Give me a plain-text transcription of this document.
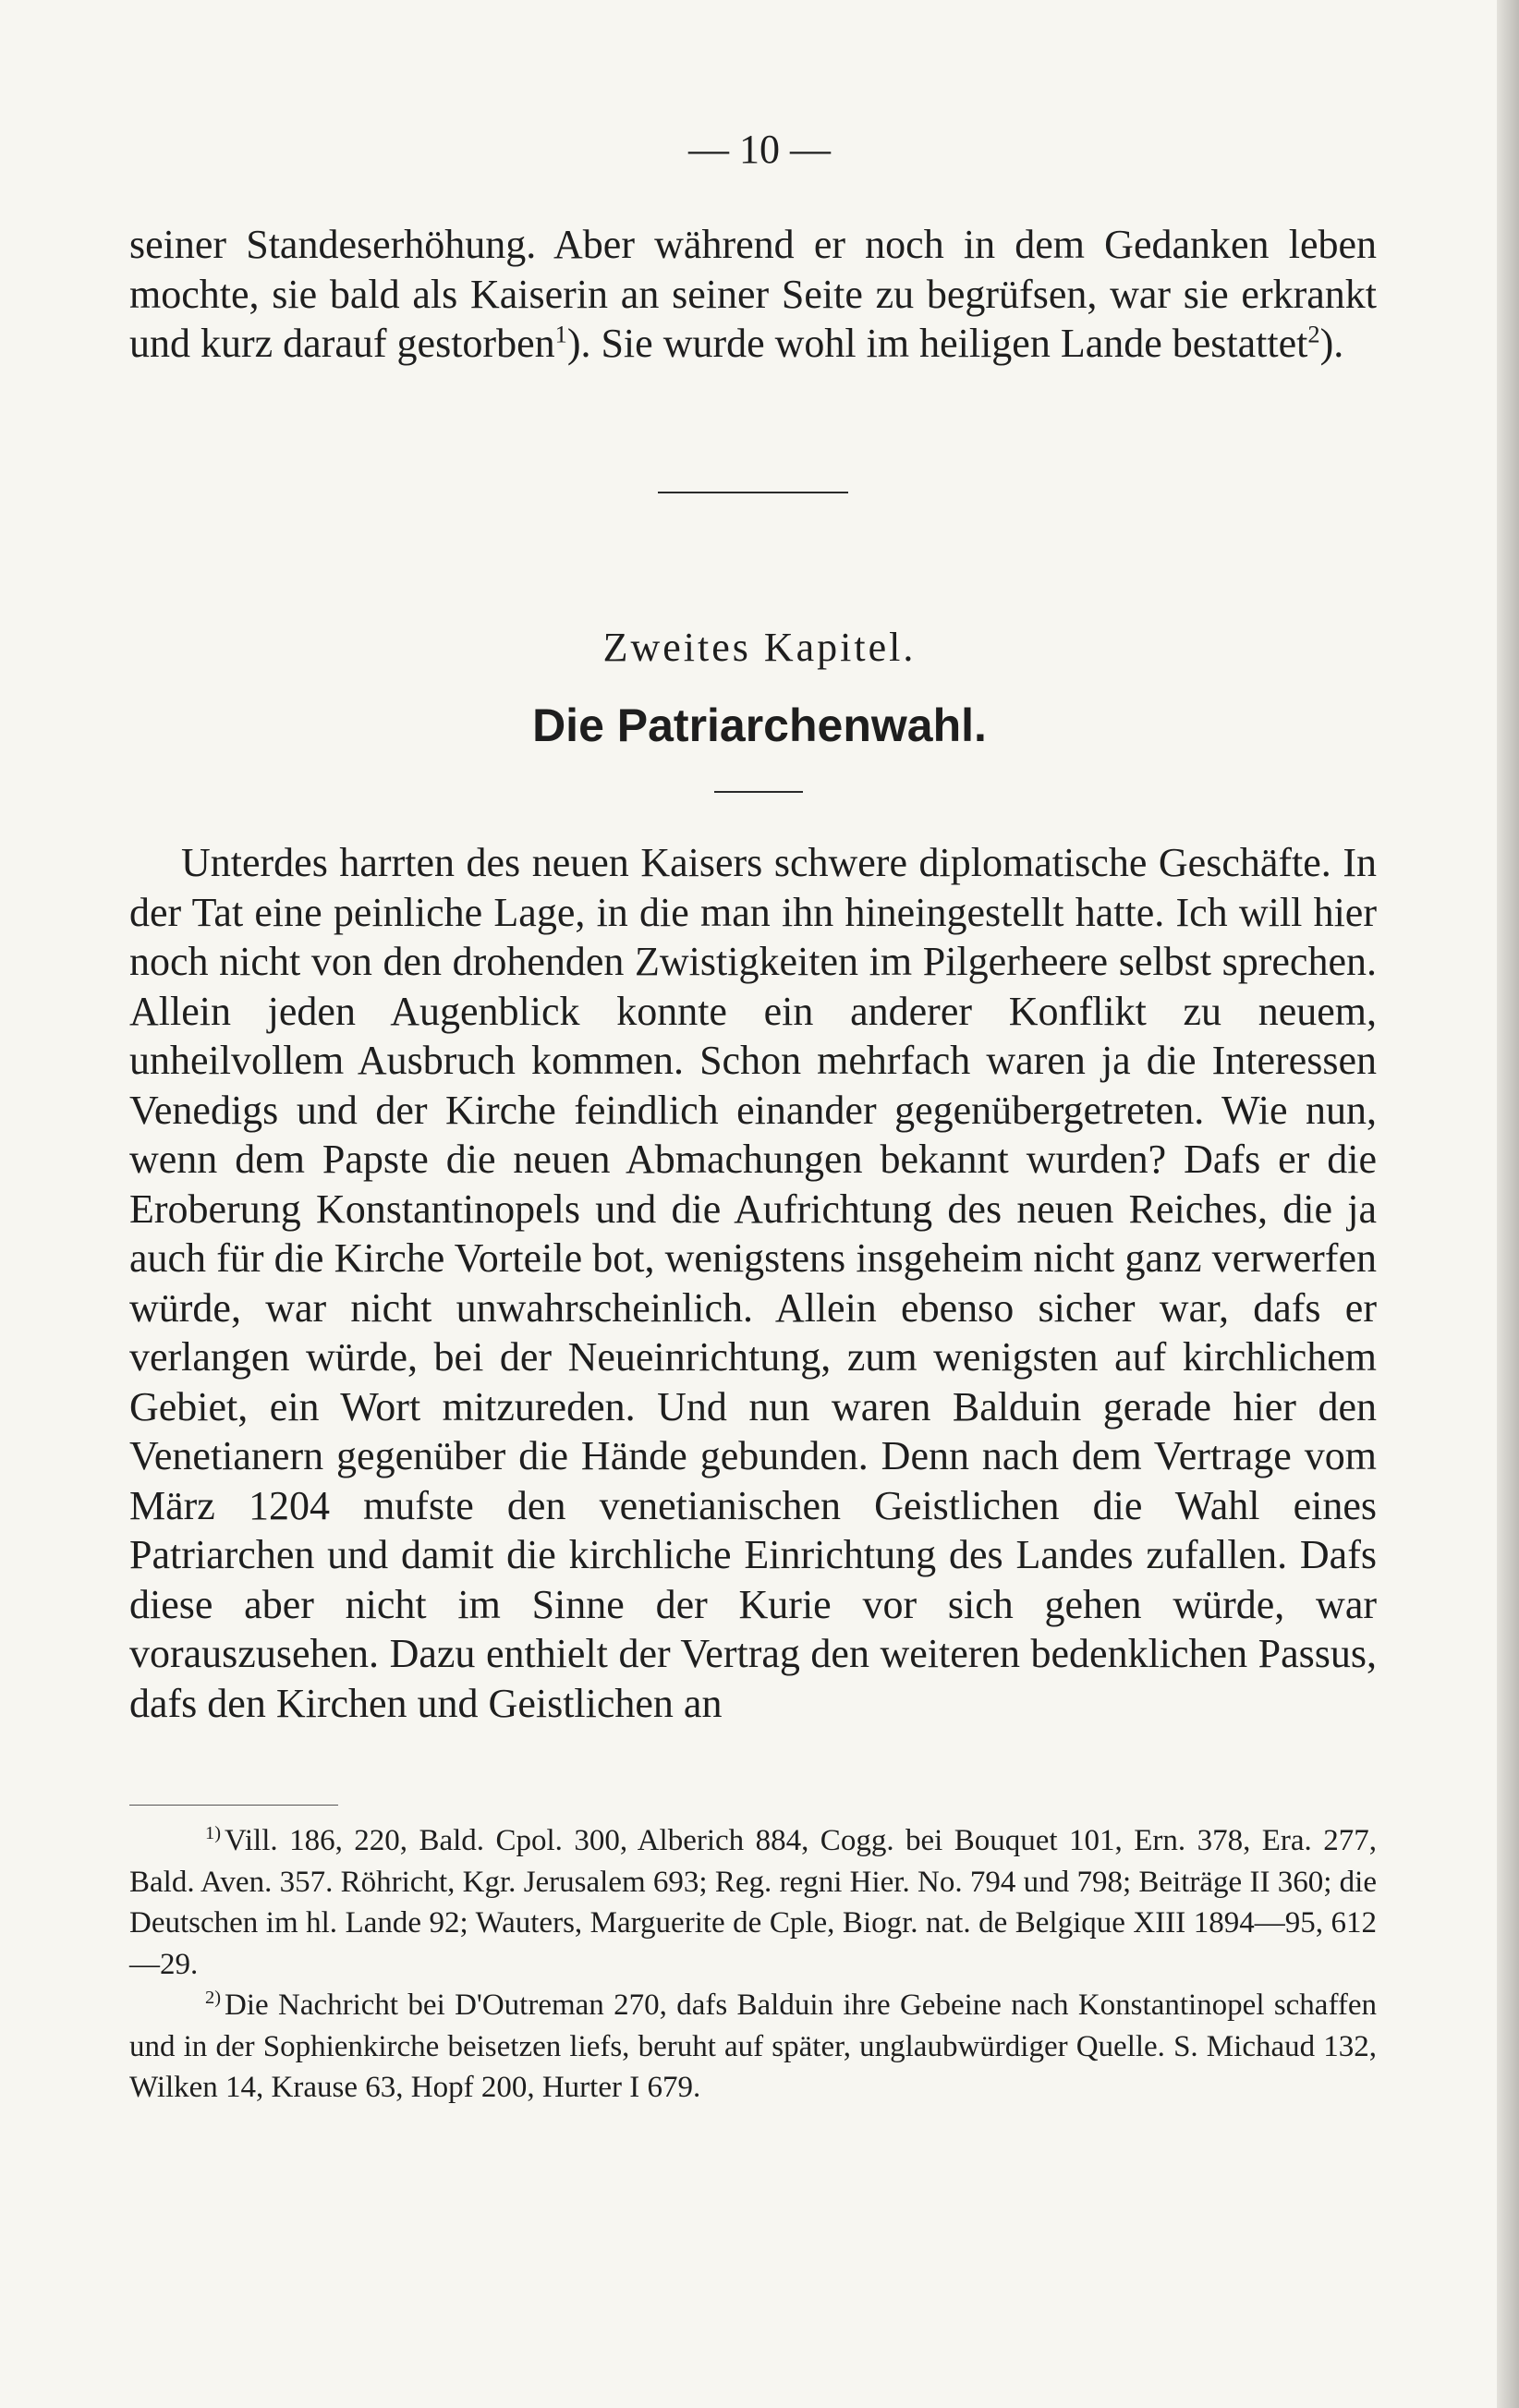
— 10 —

seiner Standeserhöhung. Aber während er noch in dem Gedanken leben mochte, sie bald als Kaiserin an seiner Seite zu begrüfsen, war sie erkrankt und kurz darauf gestorben$^1$). Sie wurde wohl im heiligen Lande bestattet$^2$).

Zweites Kapitel.
Die Patriarchenwahl.

Unterdes harrten des neuen Kaisers schwere diplomatische Geschäfte. In der Tat eine peinliche Lage, in die man ihn hineingestellt hatte. Ich will hier noch nicht von den drohenden Zwistigkeiten im Pilgerheere selbst sprechen. Allein jeden Augenblick konnte ein anderer Konflikt zu neuem, unheilvollem Ausbruch kommen. Schon mehrfach waren ja die Interessen Venedigs und der Kirche feindlich einander gegenübergetreten. Wie nun, wenn dem Papste die neuen Abmachungen bekannt wurden? Dafs er die Eroberung Konstantinopels und die Aufrichtung des neuen Reiches, die ja auch für die Kirche Vorteile bot, wenigstens insgeheim nicht ganz verwerfen würde, war nicht unwahrscheinlich. Allein ebenso sicher war, dafs er verlangen würde, bei der Neueinrichtung, zum wenigsten auf kirchlichem Gebiet, ein Wort mitzureden. Und nun waren Balduin gerade hier den Venetianern gegenüber die Hände gebunden. Denn nach dem Vertrage vom März 1204 mufste den venetianischen Geistlichen die Wahl eines Patriarchen und damit die kirchliche Einrichtung des Landes zufallen. Dafs diese aber nicht im Sinne der Kurie vor sich gehen würde, war vorauszusehen. Dazu enthielt der Vertrag den weiteren bedenklichen Passus, dafs den Kirchen und Geistlichen an

$^{1)}$ Vill. 186, 220, Bald. Cpol. 300, Alberich 884, Cogg. bei Bouquet 101, Ern. 378, Era. 277, Bald. Aven. 357. Röhricht, Kgr. Jerusalem 693; Reg. regni Hier. No. 794 und 798; Beiträge II 360; die Deutschen im hl. Lande 92; Wauters, Marguerite de Cple, Biogr. nat. de Belgique XIII 1894—95, 612—29.

$^{2)}$ Die Nachricht bei D'Outreman 270, dafs Balduin ihre Gebeine nach Konstantinopel schaffen und in der Sophienkirche beisetzen liefs, beruht auf später, unglaubwürdiger Quelle. S. Michaud 132, Wilken 14, Krause 63, Hopf 200, Hurter I 679.
